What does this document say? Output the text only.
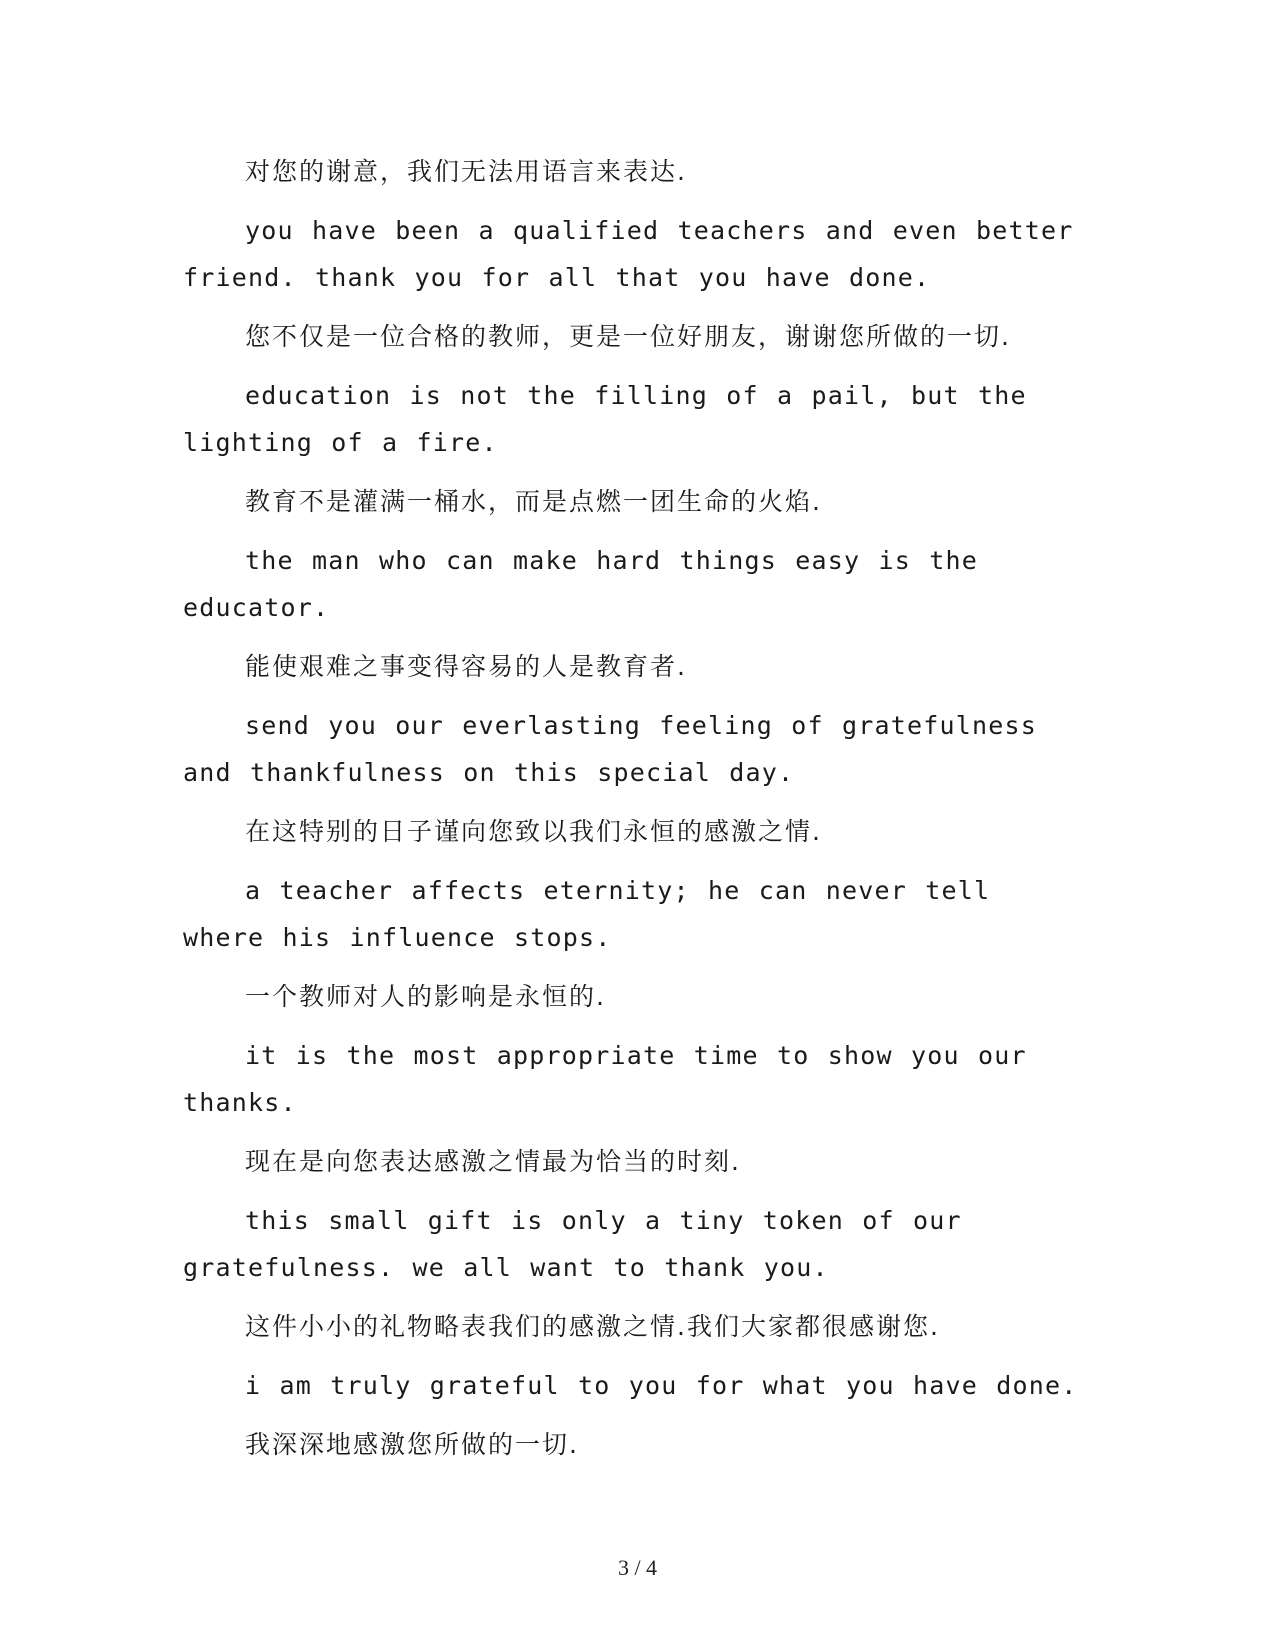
对您的谢意，我们无法用语言来表达.

you have been a qualified teachers and even better friend. thank you for all that you have done.

您不仅是一位合格的教师，更是一位好朋友，谢谢您所做的一切.

education is not the filling of a pail, but the lighting of a fire.

教育不是灌满一桶水，而是点燃一团生命的火焰.

the man who can make hard things easy is the educator.

能使艰难之事变得容易的人是教育者.

send you our everlasting feeling of gratefulness and thankfulness on this special day.

在这特别的日子谨向您致以我们永恒的感激之情.

a teacher affects eternity; he can never tell where his influence stops.

一个教师对人的影响是永恒的.

it is the most appropriate time to show you our thanks.

现在是向您表达感激之情最为恰当的时刻.

this small gift is only a tiny token of our gratefulness. we all want to thank you.

这件小小的礼物略表我们的感激之情.我们大家都很感谢您.

i am truly grateful to you for what you have done.

我深深地感激您所做的一切.

3 / 4
